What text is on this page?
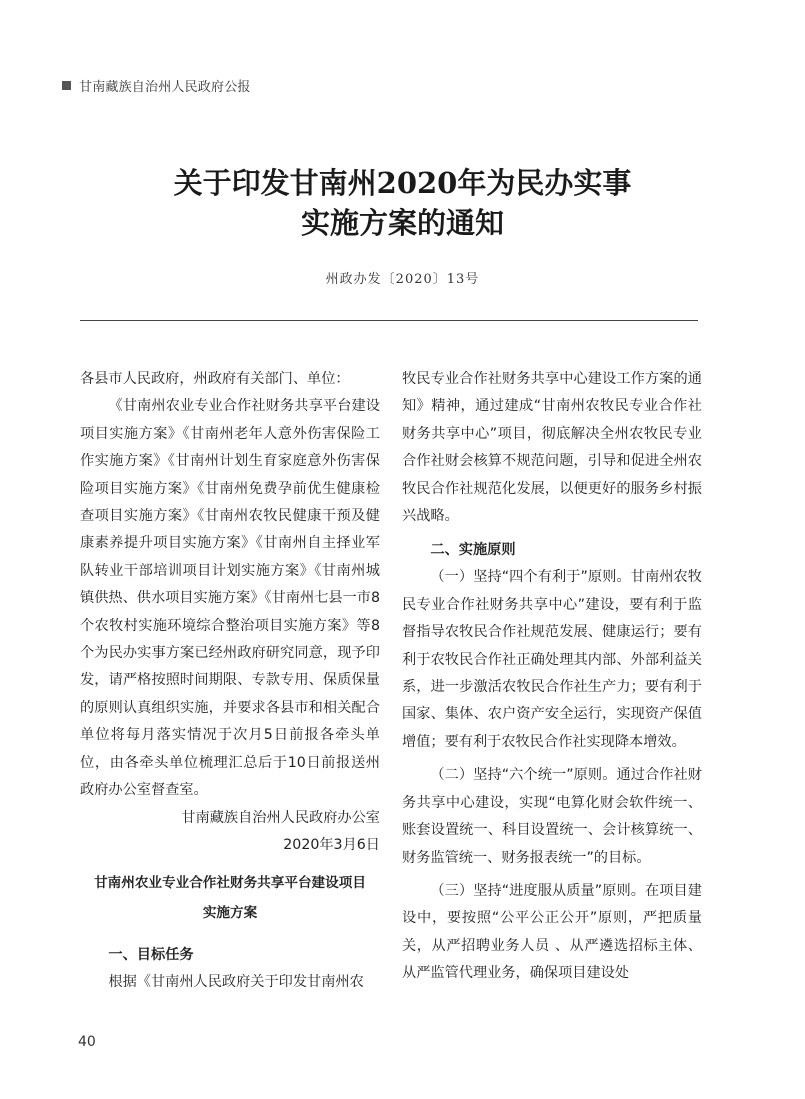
甘南藏族自治州人民政府公报
关于印发甘南州2020年为民办实事
实施方案的通知
州政办发〔2020〕13号

各县市人民政府，州政府有关部门、单位：

《甘南州农业专业合作社财务共享平台建设项目实施方案》《甘南州老年人意外伤害保险工作实施方案》《甘南州计划生育家庭意外伤害保险项目实施方案》《甘南州免费孕前优生健康检查项目实施方案》《甘南州农牧民健康干预及健康素养提升项目实施方案》《甘南州自主择业军队转业干部培训项目计划实施方案》《甘南州城镇供热、供水项目实施方案》《甘南州七县一市8个农牧村实施环境综合整治项目实施方案》等8个为民办实事方案已经州政府研究同意，现予印发，请严格按照时间期限、专款专用、保质保量的原则认真组织实施，并要求各县市和相关配合单位将每月落实情况于次月5日前报各牵头单位，由各牵头单位梳理汇总后于10日前报送州政府办公室督查室。

甘南藏族自治州人民政府办公室

2020年3月6日

甘南州农业专业合作社财务共享平台建设项目
实施方案
一、目标任务

根据《甘南州人民政府关于印发甘南州农

牧民专业合作社财务共享中心建设工作方案的通知》精神，通过建成“甘南州农牧民专业合作社财务共享中心”项目，彻底解决全州农牧民专业合作社财会核算不规范问题，引导和促进全州农牧民合作社规范化发展，以便更好的服务乡村振兴战略。

二、实施原则

（一）坚持“四个有利于”原则。甘南州农牧民专业合作社财务共享中心”建设，要有利于监督指导农牧民合作社规范发展、健康运行；要有利于农牧民合作社正确处理其内部、外部利益关系，进一步激活农牧民合作社生产力；要有利于国家、集体、农户资产安全运行，实现资产保值增值；要有利于农牧民合作社实现降本增效。

（二）坚持“六个统一”原则。通过合作社财务共享中心建设，实现“电算化财会软件统一、账套设置统一、科目设置统一、会计核算统一、财务监管统一、财务报表统一”的目标。

（三）坚持“进度服从质量”原则。在项目建设中，要按照“公平公正公开”原则，严把质量关，从严招聘业务人员 、从严遴选招标主体、从严监管代理业务，确保项目建设处

40
